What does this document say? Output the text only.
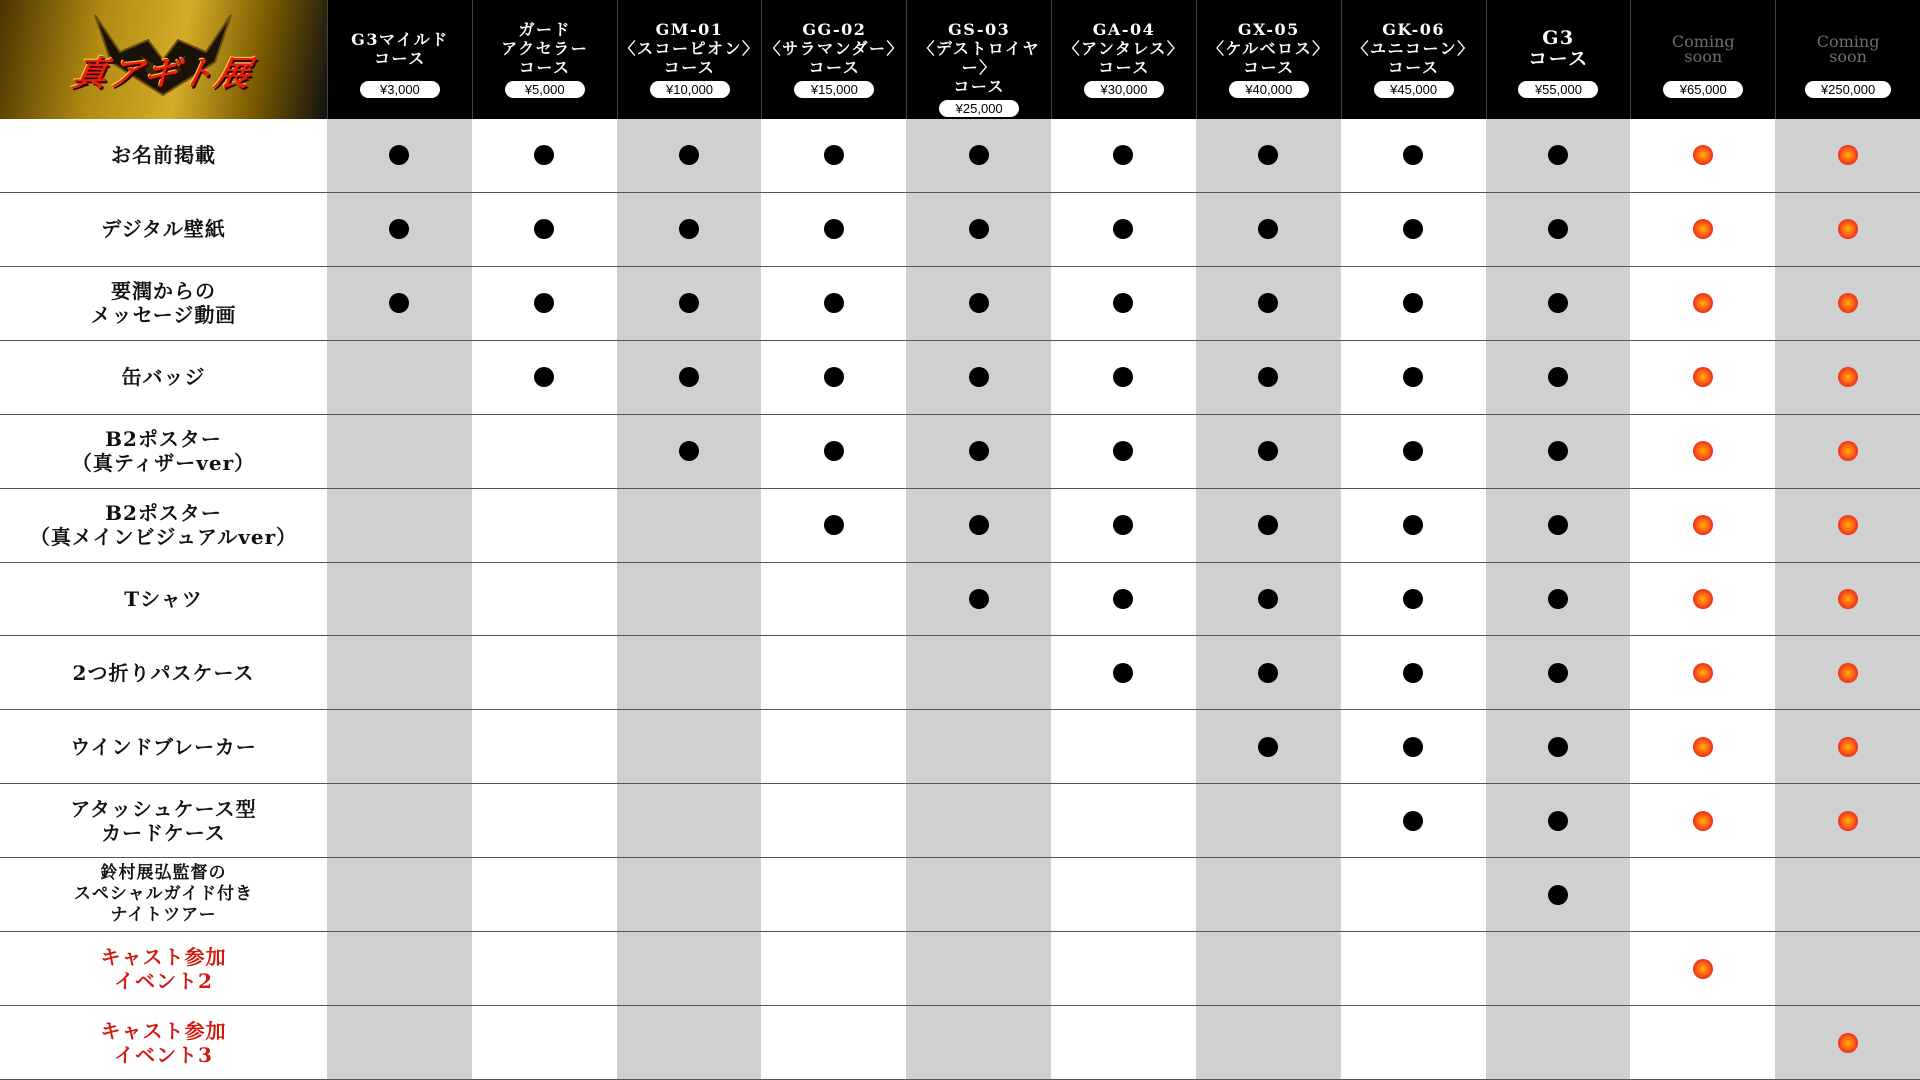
真アギト展
G3マイルド
コース
¥3,000
ガード
アクセラー
コース
¥5,000
GM-01
〈スコーピオン〉
コース
¥10,000
GG-02
〈サラマンダー〉
コース
¥15,000
GS-03
〈デストロイヤー〉
コース
¥25,000
GA-04
〈アンタレス〉
コース
¥30,000
GX-05
〈ケルベロス〉
コース
¥40,000
GK-06
〈ユニコーン〉
コース
¥45,000
G3
コース
¥55,000
Coming
soon
¥65,000
Coming
soon
¥250,000
お名前掲載
デジタル壁紙
要潤からの
メッセージ動画
缶バッジ
B2ポスター
（真ティザーver）
B2ポスター
（真メインビジュアルver）
Tシャツ
2つ折りパスケース
ウインドブレーカー
アタッシュケース型
カードケース
鈴村展弘監督の
スペシャルガイド付き
ナイトツアー
キャスト参加
イベント2
キャスト参加
イベント3
